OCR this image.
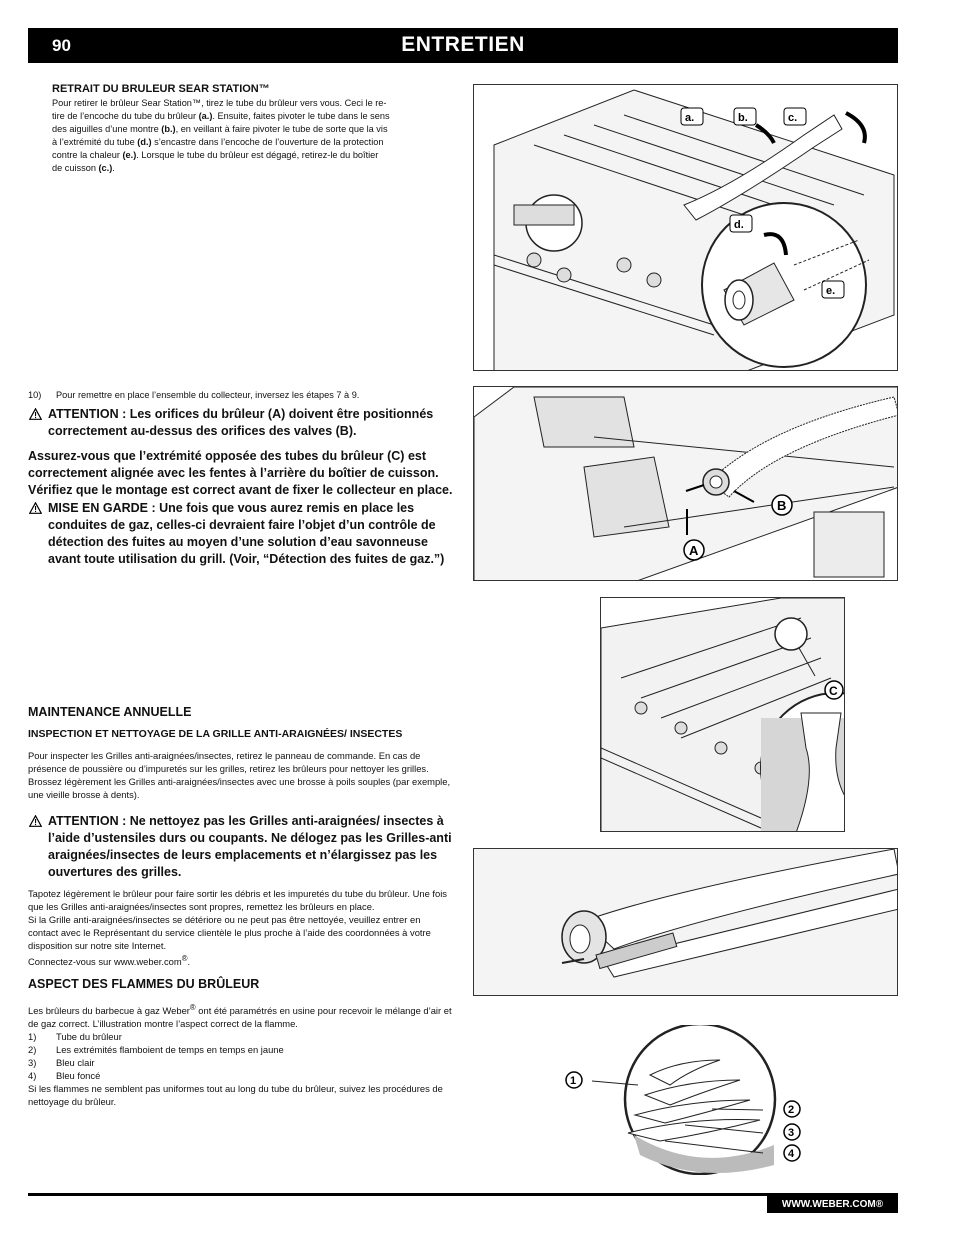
90	ENTRETIEN
RETRAIT DU BRULEUR SEAR STATION™
Pour retirer le brûleur Sear Station™, tirez le tube du brûleur vers vous. Ceci le re-
tire de l’encoche du tube du brûleur (a.). Ensuite, faites pivoter le tube dans le sens
des aiguilles d’une montre (b.), en veillant à faire pivoter le tube de sorte que la vis
à l’extrémité du tube (d.) s’encastre dans l’encoche de l’ouverture de la protection
contre la chaleur (e.). Lorsque le tube du brûleur est dégagé, retirez-le du boîtier
de cuisson (c.).
10)	Pour remettre en place l’ensemble du collecteur, inversez les étapes 7 à 9.
ATTENTION : Les orifices du brûleur (A) doivent être positionnés correctement au-dessus des orifices des valves (B).
Assurez-vous que l’extrémité opposée des tubes du brûleur (C) est correctement alignée avec les fentes à l’arrière du boîtier de cuisson. Vérifiez que le montage est correct avant de fixer le collecteur en place.
MISE EN GARDE : Une fois que vous aurez remis en place les conduites de gaz, celles-ci devraient faire l’objet d’un contrôle de détection des fuites au moyen d’une solution d’eau savonneuse avant toute utilisation du grill. (Voir, “Détection des fuites de gaz.”)
MAINTENANCE ANNUELLE
INSPECTION ET NETTOYAGE DE LA GRILLE ANTI-ARAIGNÉES/ INSECTES
Pour inspecter les Grilles anti-araignées/insectes, retirez le panneau de commande. En cas de présence de poussière ou d’impuretés sur les grilles, retirez les brûleurs pour nettoyer les grilles.
Brossez légèrement les Grilles anti-araignées/insectes avec une brosse à poils souples (par exemple, une vieille brosse à dents).
ATTENTION : Ne nettoyez pas les Grilles anti-araignées/ insectes à l’aide d’ustensiles durs ou coupants. Ne délogez pas les Grilles-anti araignées/insectes de leurs emplacements et n’élargissez pas les ouvertures des grilles.
Tapotez légèrement le brûleur pour faire sortir les débris et les impuretés du tube du brûleur. Une fois que les Grilles anti-araignées/insectes sont propres, remettez les brûleurs en place.
Si la Grille anti-araignées/insectes se détériore ou ne peut pas être nettoyée, veuillez entrer en contact avec le Représentant du service clientèle le plus proche à l’aide des coordonnées à votre disposition sur notre site Internet.
Connectez-vous sur www.weber.com®.
ASPECT DES FLAMMES DU BRÛLEUR
Les brûleurs du barbecue à gaz Weber® ont été paramétrés en usine pour recevoir le mélange d’air et de gaz correct. L’illustration montre l’aspect correct de la flamme.
1)	Tube du brûleur
2)	Les extrémités flamboient de temps en temps en jaune
3)	Bleu clair
4)	Bleu foncé
Si les flammes ne semblent pas uniformes tout au long du tube du brûleur, suivez les procédures de nettoyage du brûleur.
a.	b.	c.
d.
e.
B
A
C
1
2
3
4
WWW.WEBER.COM®
